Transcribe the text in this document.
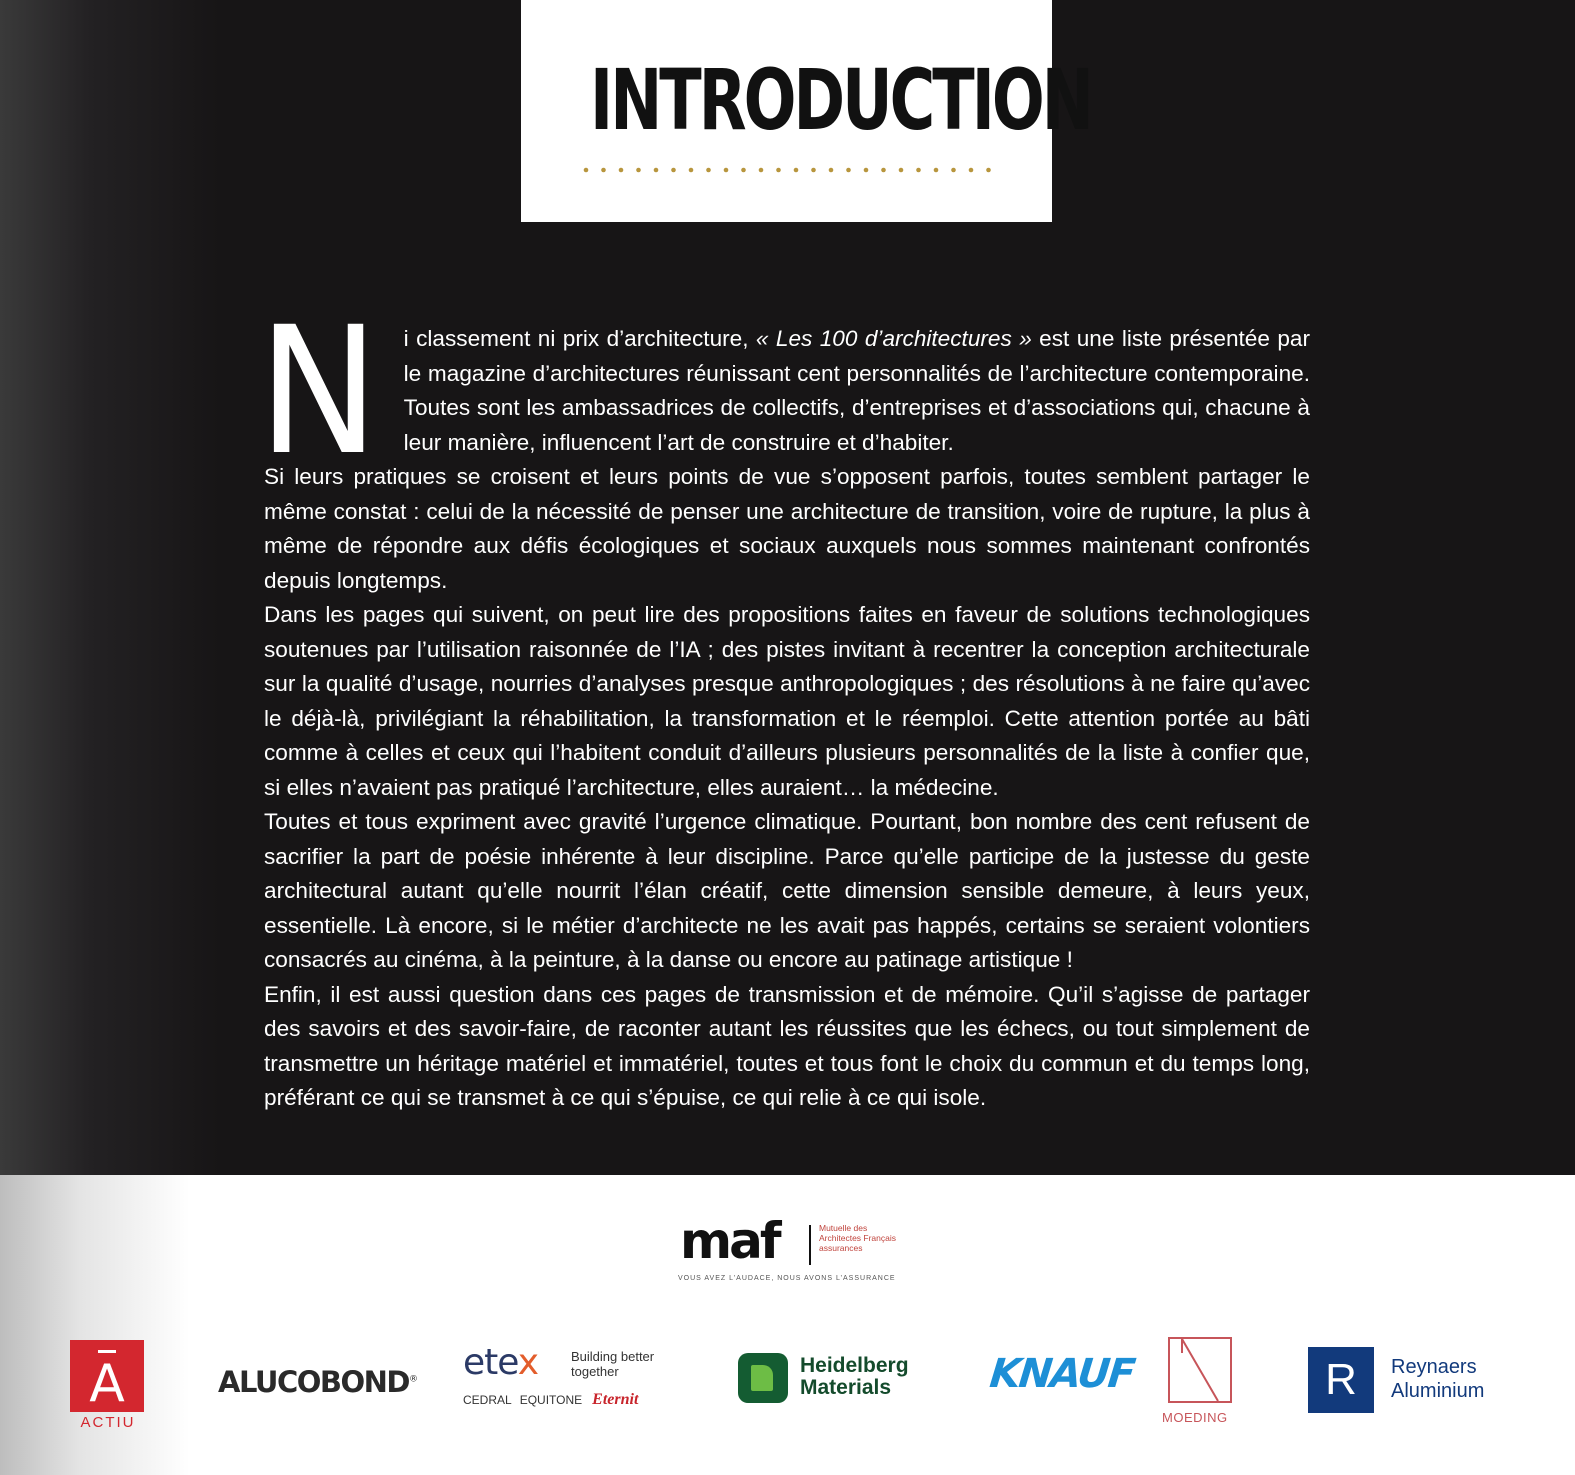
INTRODUCTION

N i classement ni prix d’architecture, « Les 100 d’architectures » est une liste présentée par le magazine d’architectures réunissant cent personnalités de l’architecture contemporaine. Toutes sont les ambassadrices de collectifs, d’entreprises et d’associations qui, chacune à leur manière, influencent l’art de construire et d’habiter.

Si leurs pratiques se croisent et leurs points de vue s’opposent parfois, toutes semblent partager le même constat : celui de la nécessité de penser une architecture de transition, voire de rupture, la plus à même de répondre aux défis écologiques et sociaux auxquels nous sommes maintenant confrontés depuis longtemps.

Dans les pages qui suivent, on peut lire des propositions faites en faveur de solutions technologiques soutenues par l’utilisation raisonnée de l’IA ; des pistes invitant à recentrer la conception architecturale sur la qualité d’usage, nourries d’analyses presque anthropologiques ; des résolutions à ne faire qu’avec le déjà-là, privilégiant la réhabilitation, la transformation et le réemploi. Cette attention portée au bâti comme à celles et ceux qui l’habitent conduit d’ailleurs plusieurs personnalités de la liste à confier que, si elles n’avaient pas pratiqué l’architecture, elles auraient… la médecine.

Toutes et tous expriment avec gravité l’urgence climatique. Pourtant, bon nombre des cent refusent de sacrifier la part de poésie inhérente à leur discipline. Parce qu’elle participe de la justesse du geste architectural autant qu’elle nourrit l’élan créatif, cette dimension sensible demeure, à leurs yeux, essentielle. Là encore, si le métier d’architecte ne les avait pas happés, certains se seraient volontiers consacrés au cinéma, à la peinture, à la danse ou encore au patinage artistique !

Enfin, il est aussi question dans ces pages de transmission et de mémoire. Qu’il s’agisse de partager des savoirs et des savoir-faire, de raconter autant les réussites que les échecs, ou tout simplement de transmettre un héritage matériel et immatériel, toutes et tous font le choix du commun et du temps long, préférant ce qui se transmet à ce qui s’épuise, ce qui relie à ce qui isole.

maf	Mutuelle des Architectes Français assurances
VOUS AVEZ L’AUDACE, NOUS AVONS L’ASSURANCE
A
ACTIU
ALUCOBOND® etex	Building better
together
CEDRAL EQUITONE Eternit
Heidelberg
Materials	KNAUF
MOEDING
R	Reynaers
Aluminium
